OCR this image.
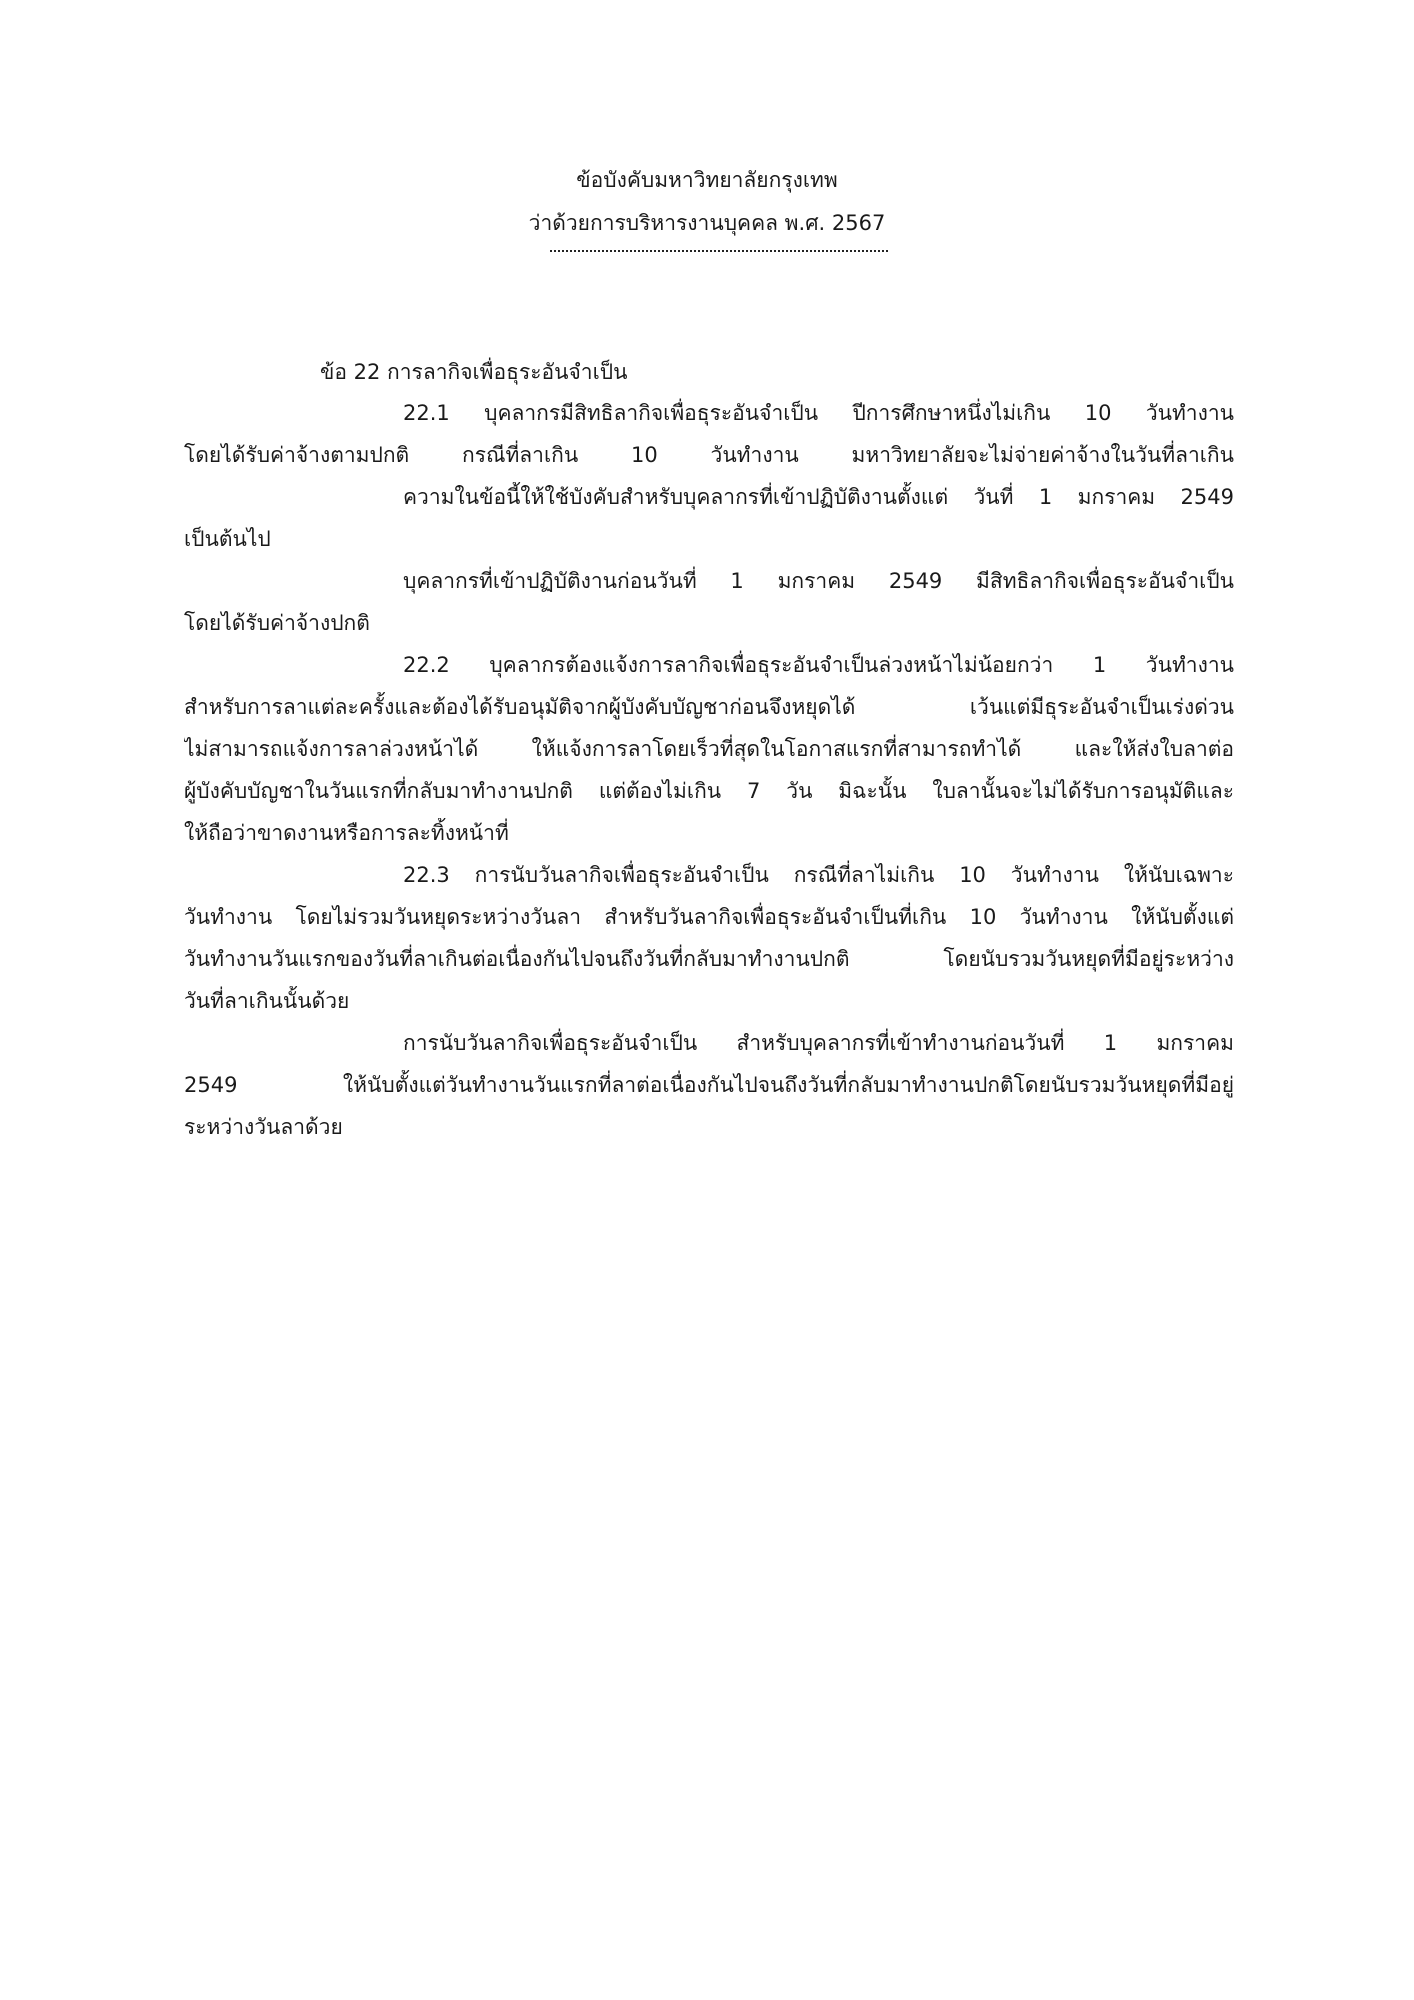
ข้อบังคับมหาวิทยาลัยกรุงเทพ
ว่าด้วยการบริหารงานบุคคล พ.ศ. 2567
ข้อ 22 การลากิจเพื่อธุระอันจำเป็น
22.1 บุคลากรมีสิทธิลากิจเพื่อธุระอันจำเป็น ปีการศึกษาหนึ่งไม่เกิน 10 วันทำงาน
โดยได้รับค่าจ้างตามปกติ กรณีที่ลาเกิน 10 วันทำงาน มหาวิทยาลัยจะไม่จ่ายค่าจ้างในวันที่ลาเกิน
ความในข้อนี้ให้ใช้บังคับสำหรับบุคลากรที่เข้าปฏิบัติงานตั้งแต่ วันที่ 1 มกราคม 2549
เป็นต้นไป
บุคลากรที่เข้าปฏิบัติงานก่อนวันที่ 1 มกราคม 2549 มีสิทธิลากิจเพื่อธุระอันจำเป็น
โดยได้รับค่าจ้างปกติ
22.2 บุคลากรต้องแจ้งการลากิจเพื่อธุระอันจำเป็นล่วงหน้าไม่น้อยกว่า 1 วันทำงาน
สำหรับการลาแต่ละครั้งและต้องได้รับอนุมัติจากผู้บังคับบัญชาก่อนจึงหยุดได้ เว้นแต่มีธุระอันจำเป็นเร่งด่วน
ไม่สามารถแจ้งการลาล่วงหน้าได้ ให้แจ้งการลาโดยเร็วที่สุดในโอกาสแรกที่สามารถทำได้ และให้ส่งใบลาต่อ
ผู้บังคับบัญชาในวันแรกที่กลับมาทำงานปกติ แต่ต้องไม่เกิน 7 วัน มิฉะนั้น ใบลานั้นจะไม่ได้รับการอนุมัติและ
ให้ถือว่าขาดงานหรือการละทิ้งหน้าที่
22.3 การนับวันลากิจเพื่อธุระอันจำเป็น กรณีที่ลาไม่เกิน 10 วันทำงาน ให้นับเฉพาะ
วันทำงาน โดยไม่รวมวันหยุดระหว่างวันลา สำหรับวันลากิจเพื่อธุระอันจำเป็นที่เกิน 10 วันทำงาน ให้นับตั้งแต่
วันทำงานวันแรกของวันที่ลาเกินต่อเนื่องกันไปจนถึงวันที่กลับมาทำงานปกติ โดยนับรวมวันหยุดที่มีอยู่ระหว่าง
วันที่ลาเกินนั้นด้วย
การนับวันลากิจเพื่อธุระอันจำเป็น สำหรับบุคลากรที่เข้าทำงานก่อนวันที่ 1 มกราคม
2549 ให้นับตั้งแต่วันทำงานวันแรกที่ลาต่อเนื่องกันไปจนถึงวันที่กลับมาทำงานปกติโดยนับรวมวันหยุดที่มีอยู่
ระหว่างวันลาด้วย
